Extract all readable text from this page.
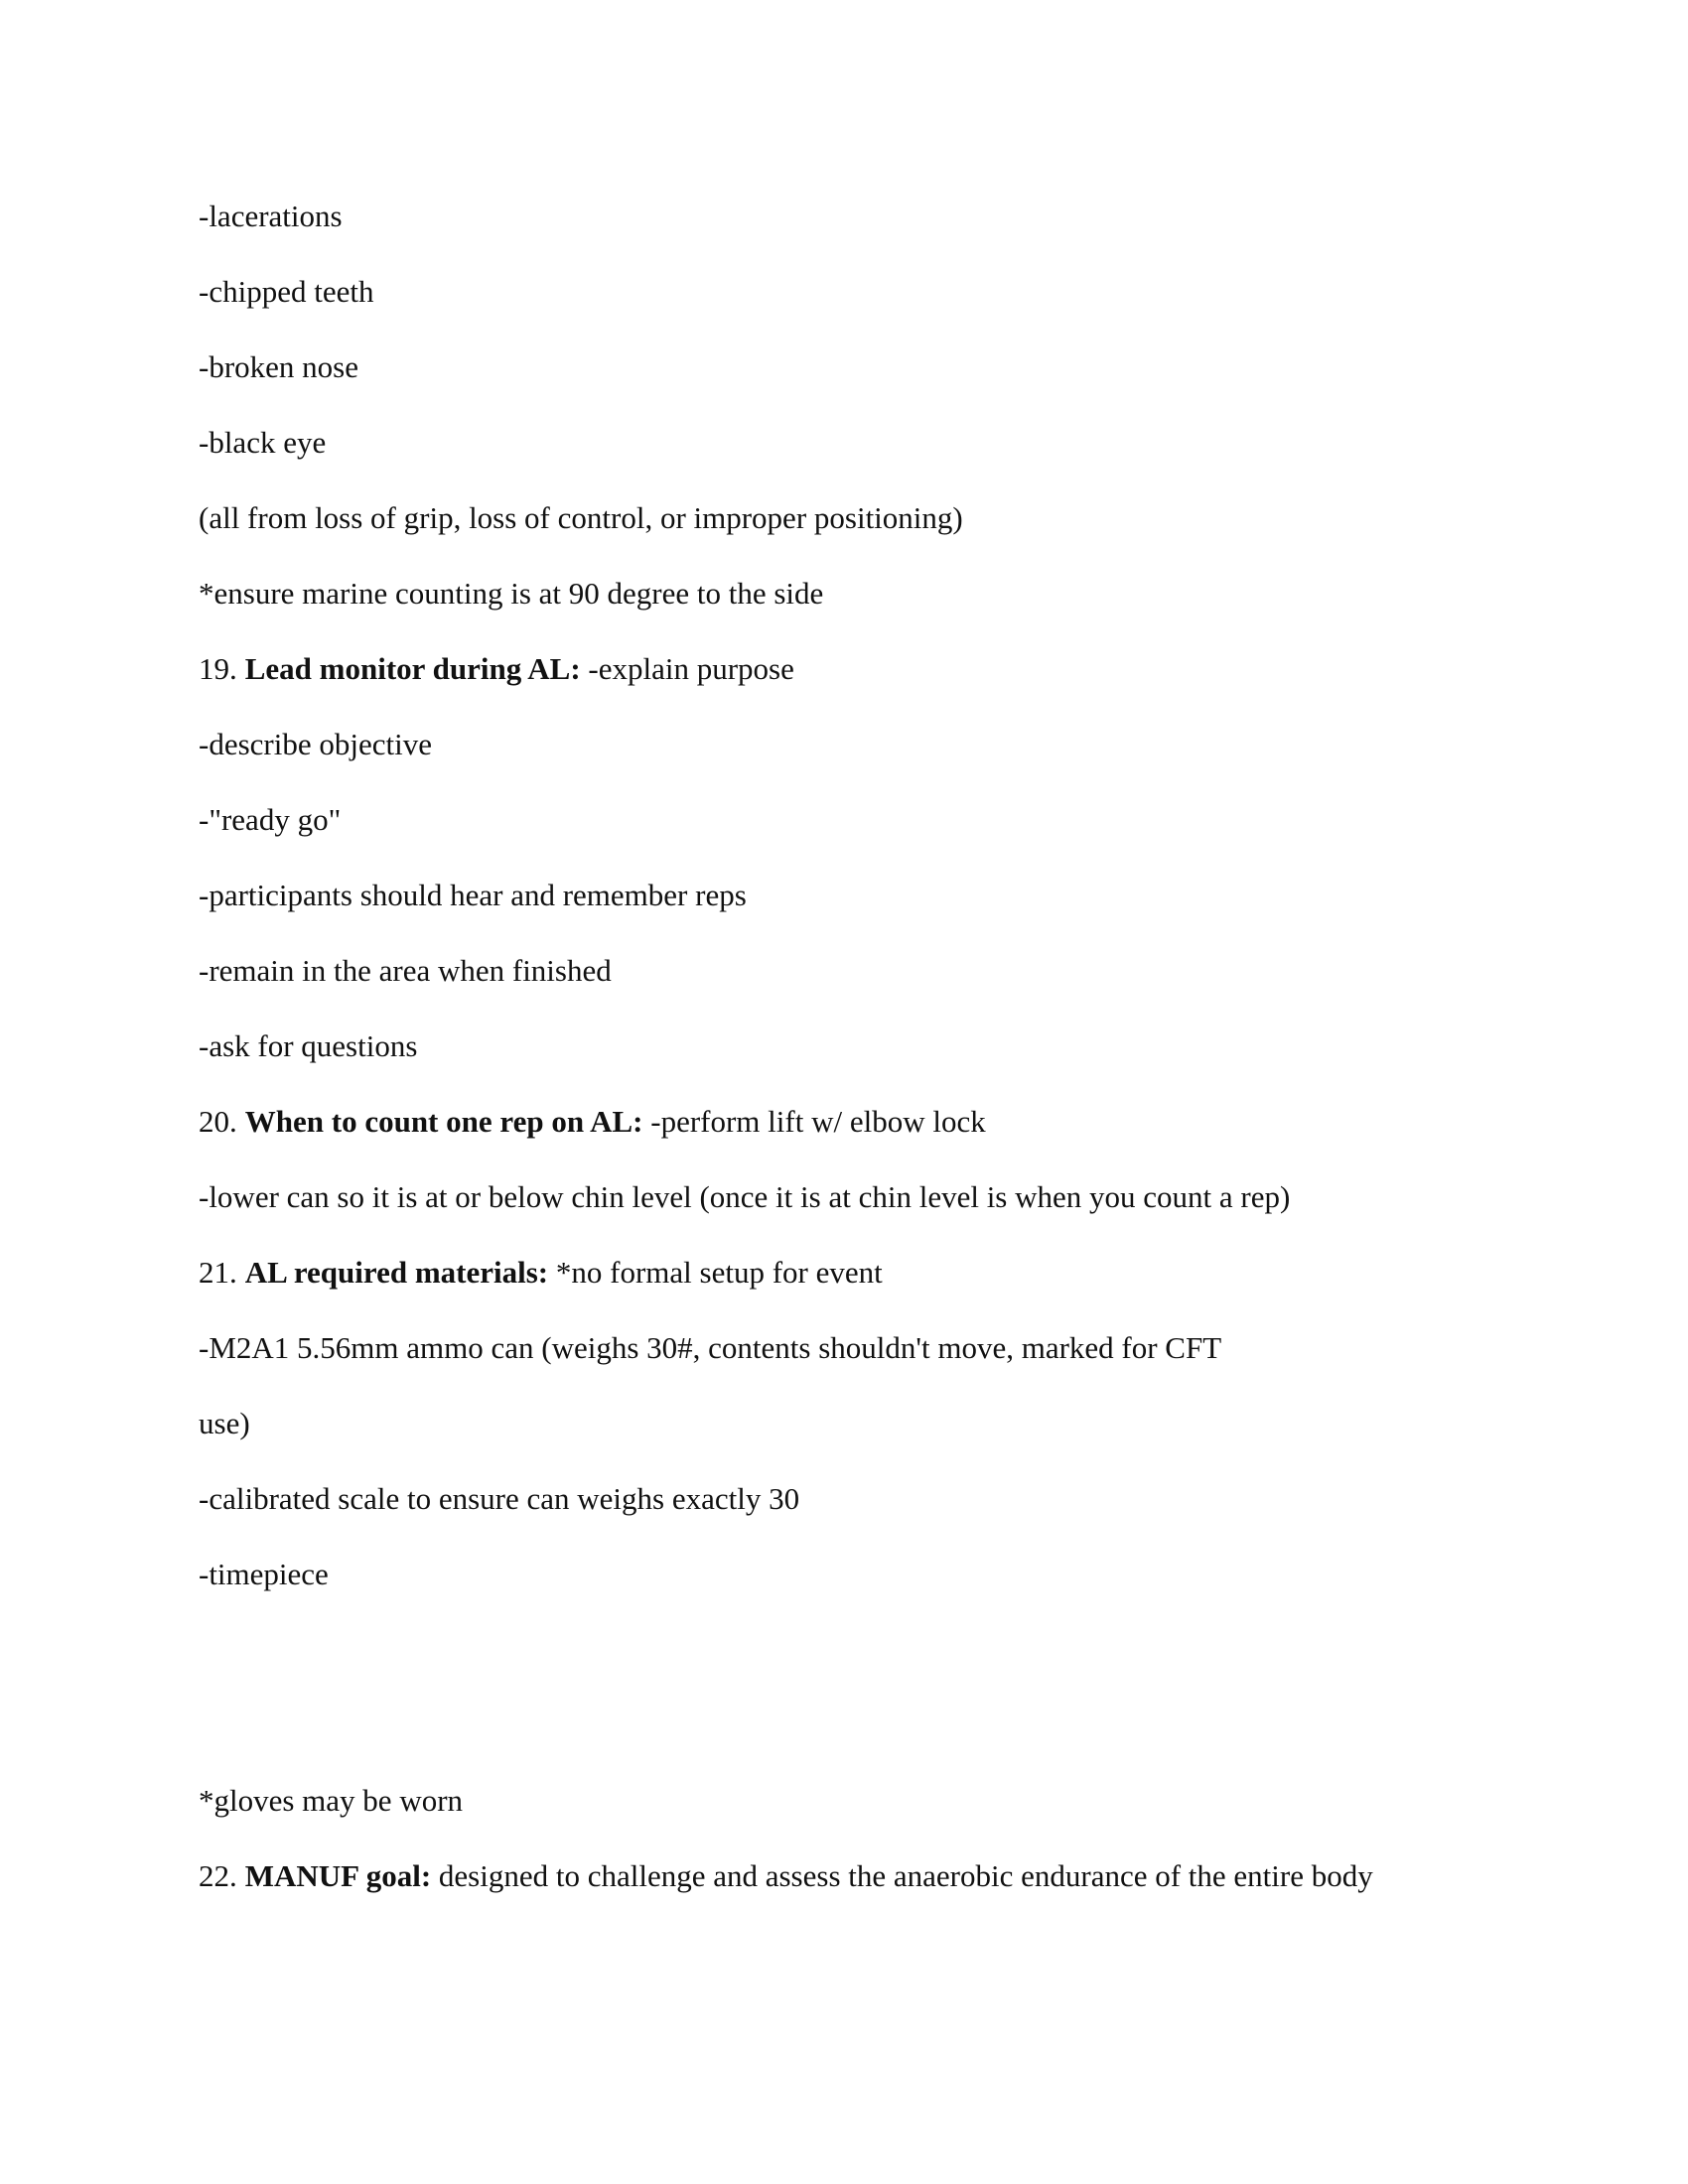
-lacerations
-chipped teeth
-broken nose
-black eye
(all from loss of grip, loss of control, or improper positioning)
*ensure marine counting is at 90 degree to the side
19. Lead monitor during AL: -explain purpose
-describe objective
-"ready go"
-participants should hear and remember reps
-remain in the area when finished
-ask for questions
20. When to count one rep on AL: -perform lift w/ elbow lock
-lower can so it is at or below chin level (once it is at chin level is when you count a rep)
21. AL required materials: *no formal setup for event
-M2A1 5.56mm ammo can (weighs 30#, contents shouldn't move, marked for CFT
use)
-calibrated scale to ensure can weighs exactly 30
-timepiece
*gloves may be worn
22. MANUF goal: designed to challenge and assess the anaerobic endurance of the entire body
